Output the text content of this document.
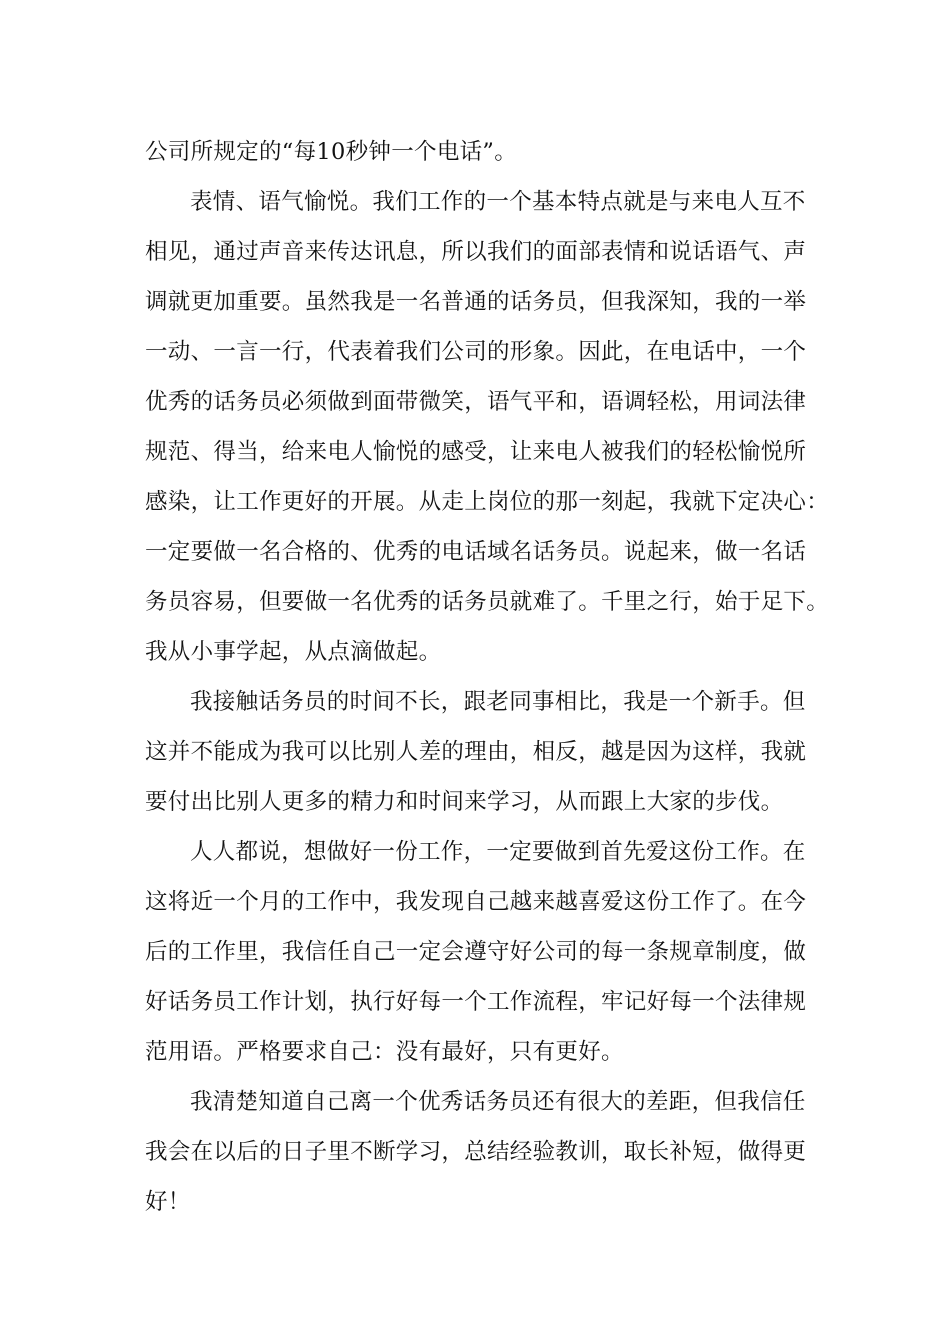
公司所规定的“每10秒钟一个电话”。
表情、语气愉悦。我们工作的一个基本特点就是与来电人互不
相见，通过声音来传达讯息，所以我们的面部表情和说话语气、声
调就更加重要。虽然我是一名普通的话务员，但我深知，我的一举
一动、一言一行，代表着我们公司的形象。因此，在电话中，一个
优秀的话务员必须做到面带微笑，语气平和，语调轻松，用词法律
规范、得当，给来电人愉悦的感受，让来电人被我们的轻松愉悦所
感染，让工作更好的开展。从走上岗位的那一刻起，我就下定决心：
一定要做一名合格的、优秀的电话域名话务员。说起来，做一名话
务员容易，但要做一名优秀的话务员就难了。千里之行，始于足下。
我从小事学起，从点滴做起。
我接触话务员的时间不长，跟老同事相比，我是一个新手。但
这并不能成为我可以比别人差的理由，相反，越是因为这样，我就
要付出比别人更多的精力和时间来学习，从而跟上大家的步伐。
人人都说，想做好一份工作，一定要做到首先爱这份工作。在
这将近一个月的工作中，我发现自己越来越喜爱这份工作了。在今
后的工作里，我信任自己一定会遵守好公司的每一条规章制度，做
好话务员工作计划，执行好每一个工作流程，牢记好每一个法律规
范用语。严格要求自己：没有最好，只有更好。
我清楚知道自己离一个优秀话务员还有很大的差距，但我信任
我会在以后的日子里不断学习，总结经验教训，取长补短，做得更
好！
